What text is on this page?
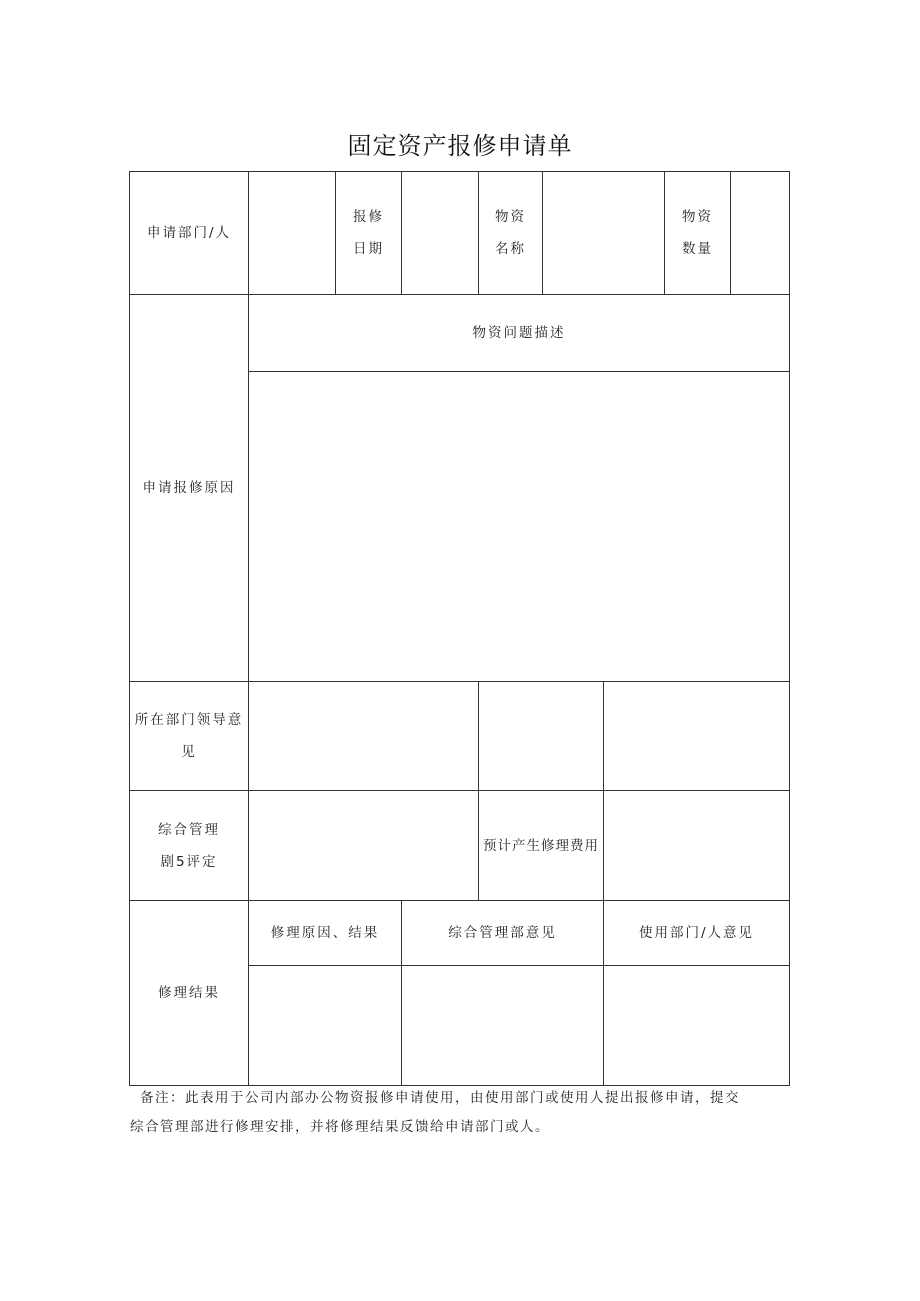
固定资产报修申请单
申请部门/人
报修
日期
物资
名称
物资
数量
申请报修原因
物资问题描述
所在部门领导意
见
综合管理
剧5评定
预计产生修理费用
修理结果
修理原因、结果	综合管理部意见	使用部门/人意见
备注：此表用于公司内部办公物资报修申请使用，由使用部门或使用人提出报修申请，提交
综合管理部进行修理安排，并将修理结果反馈给申请部门或人。
